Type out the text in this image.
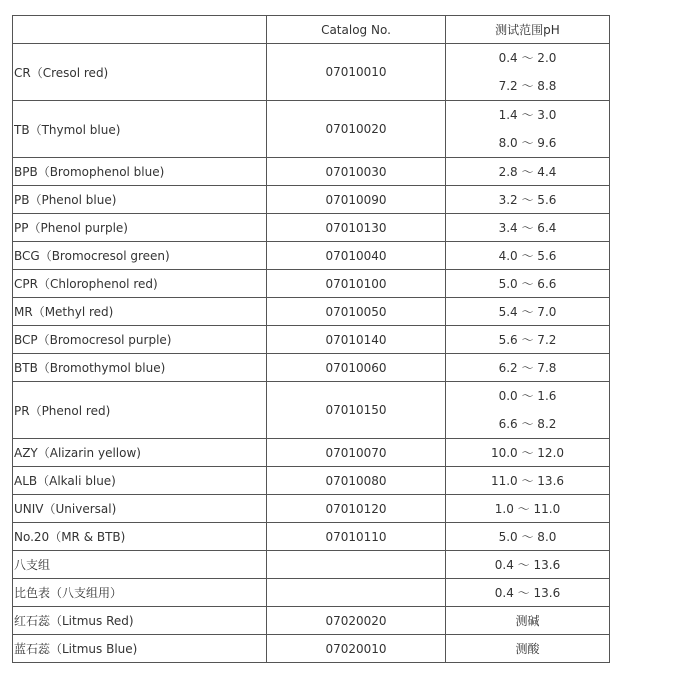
	Catalog No.	测试范围pH
CR（Cresol red)	07010010	0.4 ～ 2.0
7.2 ～ 8.8

TB（Thymol blue)	07010020	1.4 ～ 3.0
8.0 ～ 9.6

BPB（Bromophenol blue)	07010030	2.8 ～ 4.4

PB（Phenol blue)	07010090	3.2 ～ 5.6

PP（Phenol purple)	07010130	3.4 ～ 6.4

BCG（Bromocresol green)	07010040	4.0 ～ 5.6

CPR（Chlorophenol red)	07010100	5.0 ～ 6.6

MR（Methyl red)	07010050	5.4 ～ 7.0

BCP（Bromocresol purple)	07010140	5.6 ～ 7.2

BTB（Bromothymol blue)	07010060	6.2 ～ 7.8

PR（Phenol red)	07010150	0.0 ～ 1.6
6.6 ～ 8.2

AZY（Alizarin yellow)	07010070	10.0 ～ 12.0

ALB（Alkali blue)	07010080	11.0 ～ 13.6

UNIV（Universal)	07010120	1.0 ～ 11.0

No.20（MR & BTB)	07010110	5.0 ～ 8.0

八支组		0.4 ～ 13.6

比色表（八支组用）		0.4 ～ 13.6

红石蕊（Litmus Red)	07020020	测碱

蓝石蕊（Litmus Blue)	07020010	测酸
